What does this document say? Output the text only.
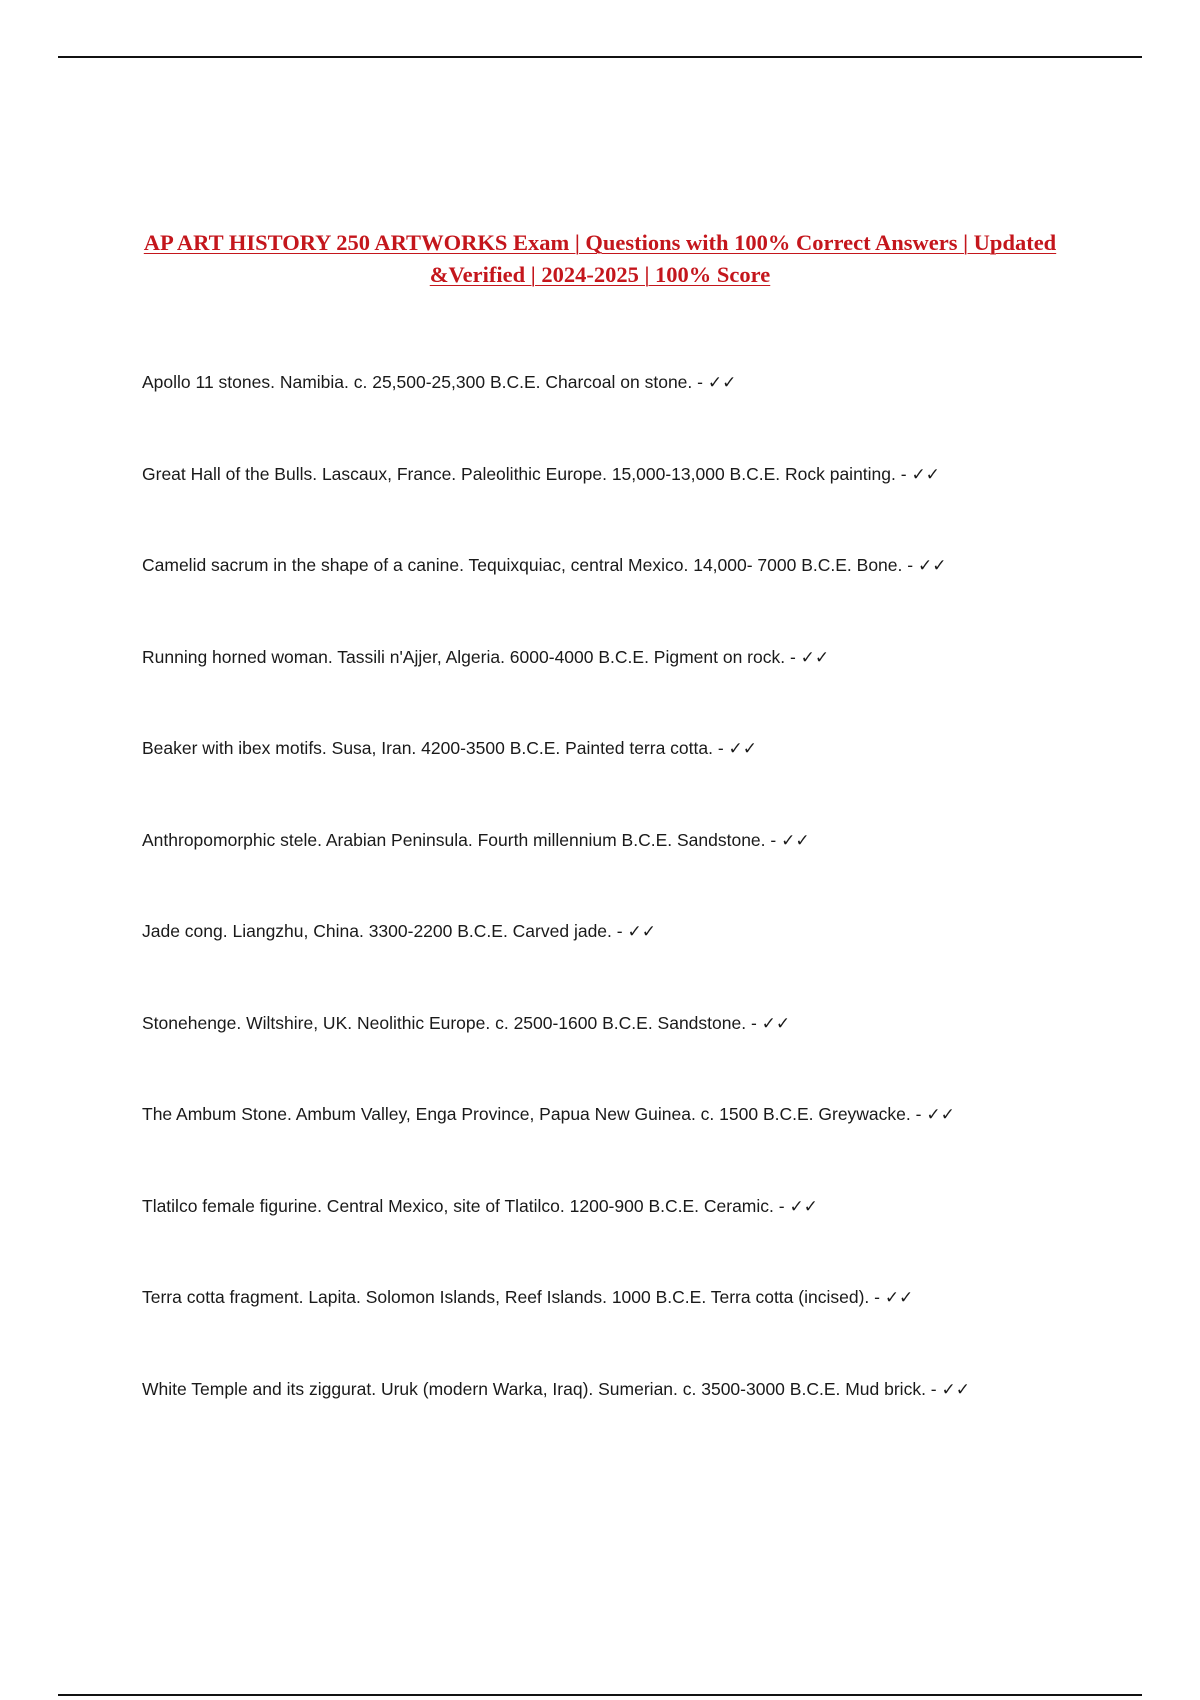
AP ART HISTORY 250 ARTWORKS Exam | Questions with 100% Correct Answers | Updated &Verified | 2024-2025 | 100% Score
Apollo 11 stones. Namibia. c. 25,500-25,300 B.C.E. Charcoal on stone. - ✓✓
Great Hall of the Bulls. Lascaux, France. Paleolithic Europe. 15,000-13,000 B.C.E. Rock painting. - ✓✓
Camelid sacrum in the shape of a canine. Tequixquiac, central Mexico. 14,000- 7000 B.C.E. Bone. - ✓✓
Running horned woman. Tassili n'Ajjer, Algeria. 6000-4000 B.C.E. Pigment on rock. - ✓✓
Beaker with ibex motifs. Susa, Iran. 4200-3500 B.C.E. Painted terra cotta. - ✓✓
Anthropomorphic stele. Arabian Peninsula. Fourth millennium B.C.E. Sandstone. - ✓✓
Jade cong. Liangzhu, China. 3300-2200 B.C.E. Carved jade. - ✓✓
Stonehenge. Wiltshire, UK. Neolithic Europe. c. 2500-1600 B.C.E. Sandstone. - ✓✓
The Ambum Stone. Ambum Valley, Enga Province, Papua New Guinea. c. 1500 B.C.E. Greywacke. - ✓✓
Tlatilco female figurine. Central Mexico, site of Tlatilco. 1200-900 B.C.E. Ceramic. - ✓✓
Terra cotta fragment. Lapita. Solomon Islands, Reef Islands. 1000 B.C.E. Terra cotta (incised). - ✓✓
White Temple and its ziggurat. Uruk (modern Warka, Iraq). Sumerian. c. 3500-3000 B.C.E. Mud brick. - ✓✓
